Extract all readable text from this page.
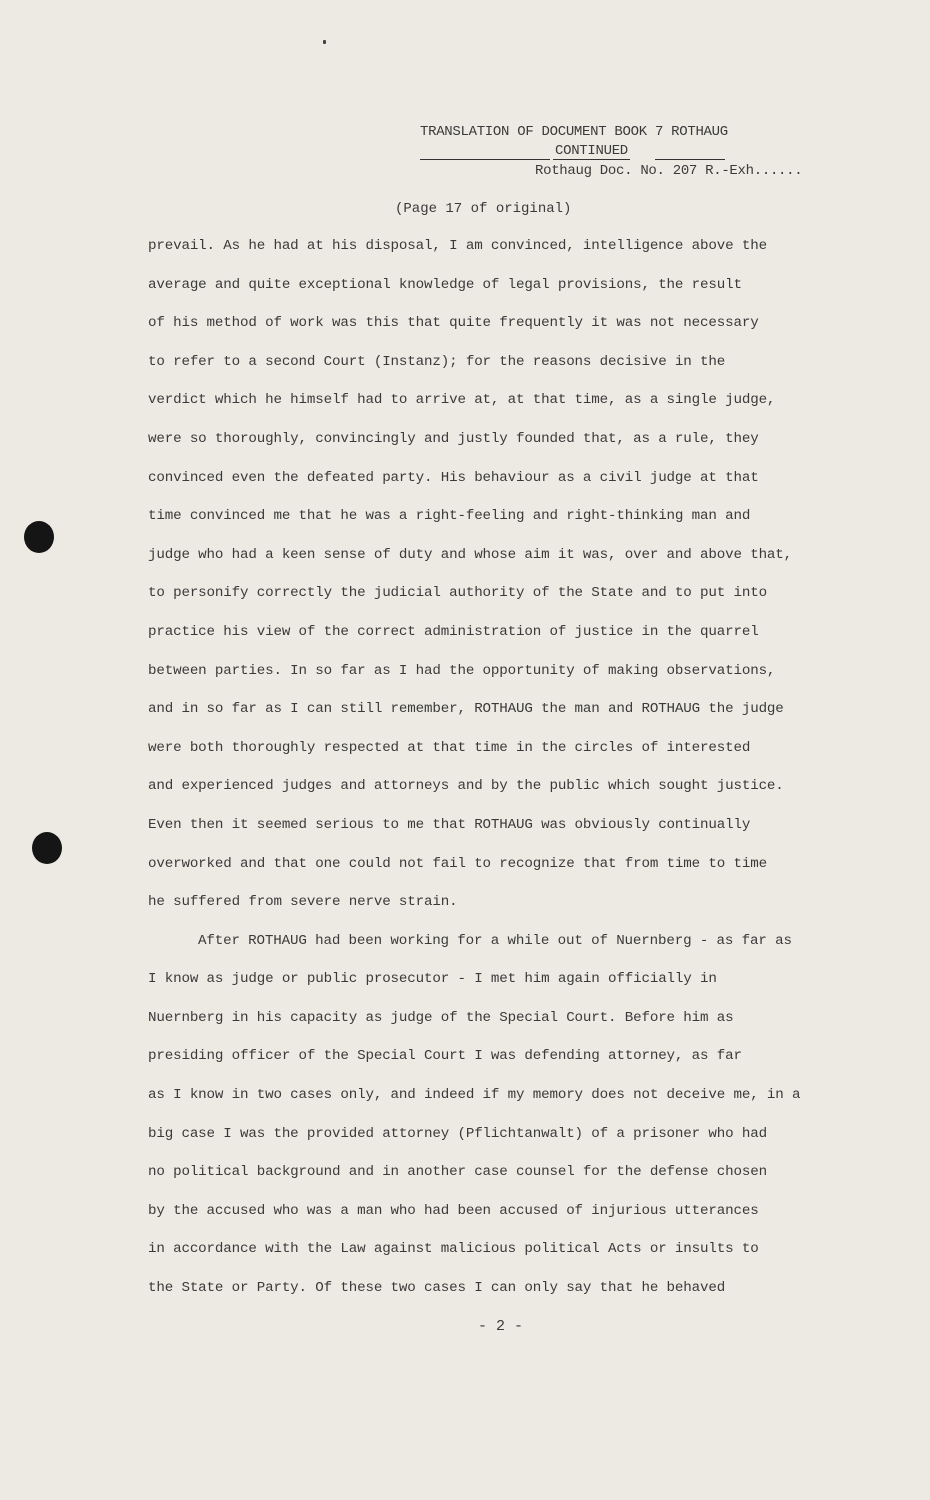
TRANSLATION OF DOCUMENT BOOK 7 ROTHAUG
CONTINUED
Rothaug Doc. No. 207 R.-Exh......
(Page 17 of original)
prevail. As he had at his disposal, I am convinced, intelligence above the
average and quite exceptional knowledge of legal provisions, the result
of his method of work was this that quite frequently it was not necessary
to refer to a second Court (Instanz); for the reasons decisive in the
verdict which he himself had to arrive at, at that time, as a single judge,
were so thoroughly, convincingly and justly founded that, as a rule, they
convinced even the defeated party. His behaviour as a civil judge at that
time convinced me that he was a right-feeling and right-thinking man and
judge who had a keen sense of duty and whose aim it was, over and above that,
to personify correctly the judicial authority of the State and to put into
practice his view of the correct administration of justice in the quarrel
between parties. In so far as I had the opportunity of making observations,
and in so far as I can still remember, ROTHAUG the man and ROTHAUG the judge
were both thoroughly respected at that time in the circles of interested
and experienced judges and attorneys and by the public which sought justice.
Even then it seemed serious to me that ROTHAUG was obviously continually
overworked and that one could not fail to recognize that from time to time
he suffered from severe nerve strain.
After ROTHAUG had been working for a while out of Nuernberg - as far as
I know as judge or public prosecutor - I met him again officially in
Nuernberg in his capacity as judge of the Special Court. Before him as
presiding officer of the Special Court I was defending attorney, as far
as I know in two cases only, and indeed if my memory does not deceive me, in a
big case I was the provided attorney (Pflichtanwalt) of a prisoner who had
no political background and in another case counsel for the defense chosen
by the accused who was a man who had been accused of injurious utterances
in accordance with the Law against malicious political Acts or insults to
the State or Party. Of these two cases I can only say that he behaved
- 2 -
